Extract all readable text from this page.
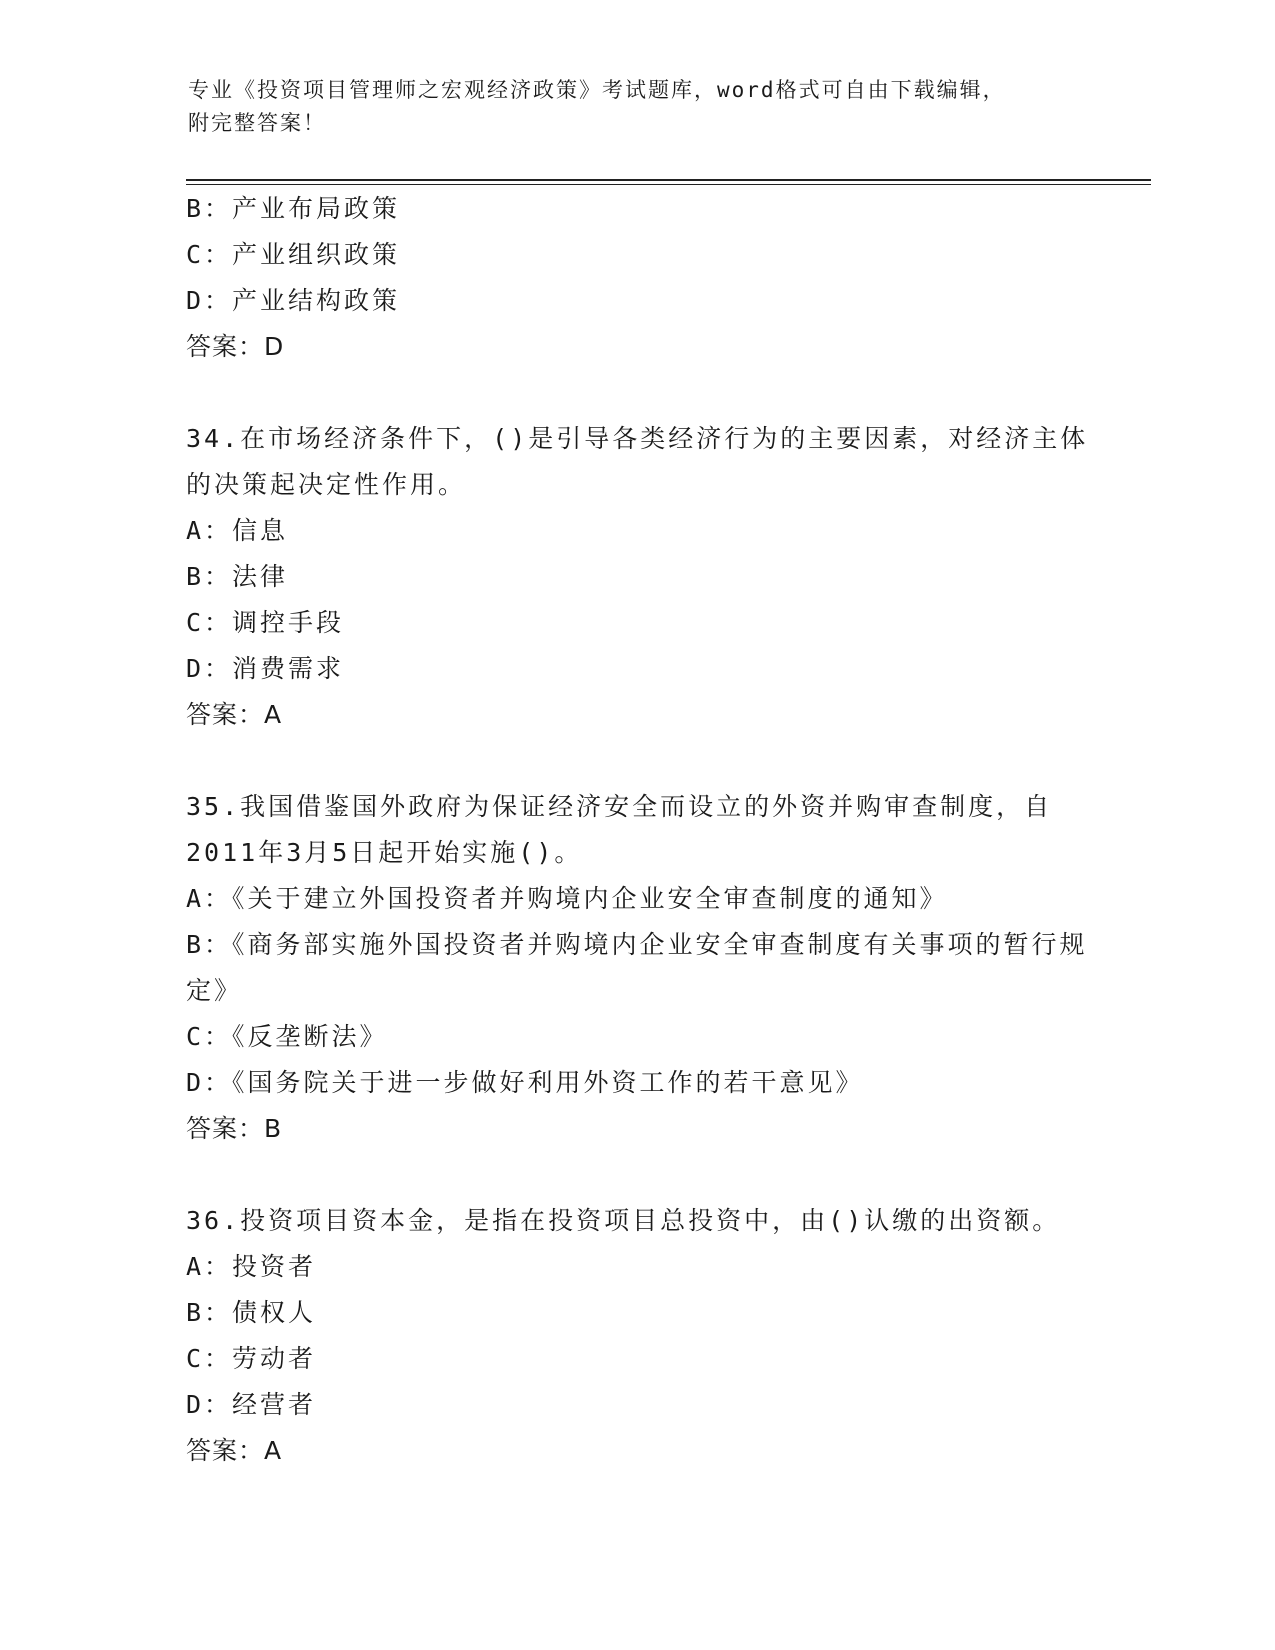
专业《投资项目管理师之宏观经济政策》考试题库，word格式可自由下载编辑，
附完整答案！
B：产业布局政策
C：产业组织政策
D：产业结构政策
答案：D
34.在市场经济条件下，()是引导各类经济行为的主要因素，对经济主体的决策起决定性作用。
A：信息
B：法律
C：调控手段
D：消费需求
答案：A
35.我国借鉴国外政府为保证经济安全而设立的外资并购审查制度，自2011年3月5日起开始实施()。
A：《关于建立外国投资者并购境内企业安全审查制度的通知》
B：《商务部实施外国投资者并购境内企业安全审查制度有关事项的暂行规定》
C：《反垄断法》
D：《国务院关于进一步做好利用外资工作的若干意见》
答案：B
36.投资项目资本金，是指在投资项目总投资中，由()认缴的出资额。
A：投资者
B：债权人
C：劳动者
D：经营者
答案：A
